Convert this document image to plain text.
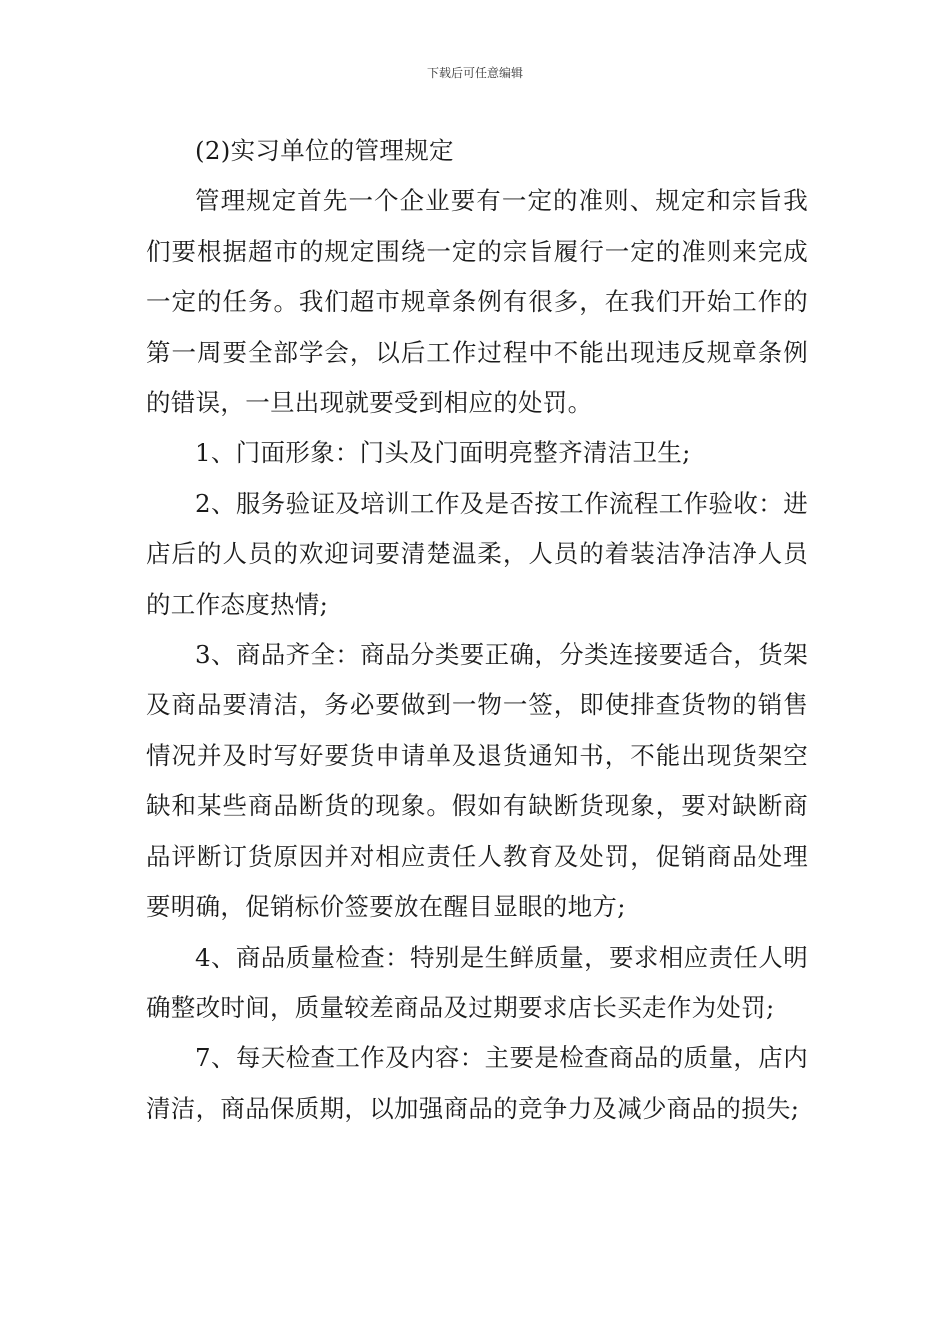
下载后可任意编辑

(2)实习单位的管理规定

管理规定首先一个企业要有一定的准则、规定和宗旨我们要根据超市的规定围绕一定的宗旨履行一定的准则来完成一定的任务。我们超市规章条例有很多，在我们开始工作的第一周要全部学会，以后工作过程中不能出现违反规章条例的错误，一旦出现就要受到相应的处罚。

1、门面形象：门头及门面明亮整齐清洁卫生;

2、服务验证及培训工作及是否按工作流程工作验收：进店后的人员的欢迎词要清楚温柔，人员的着装洁净洁净人员的工作态度热情;

3、商品齐全：商品分类要正确，分类连接要适合，货架及商品要清洁，务必要做到一物一签，即使排查货物的销售情况并及时写好要货申请单及退货通知书，不能出现货架空缺和某些商品断货的现象。假如有缺断货现象，要对缺断商品评断订货原因并对相应责任人教育及处罚，促销商品处理要明确，促销标价签要放在醒目显眼的地方;

4、商品质量检查：特别是生鲜质量，要求相应责任人明确整改时间，质量较差商品及过期要求店长买走作为处罚;

7、每天检查工作及内容：主要是检查商品的质量，店内清洁，商品保质期，以加强商品的竞争力及减少商品的损失;
